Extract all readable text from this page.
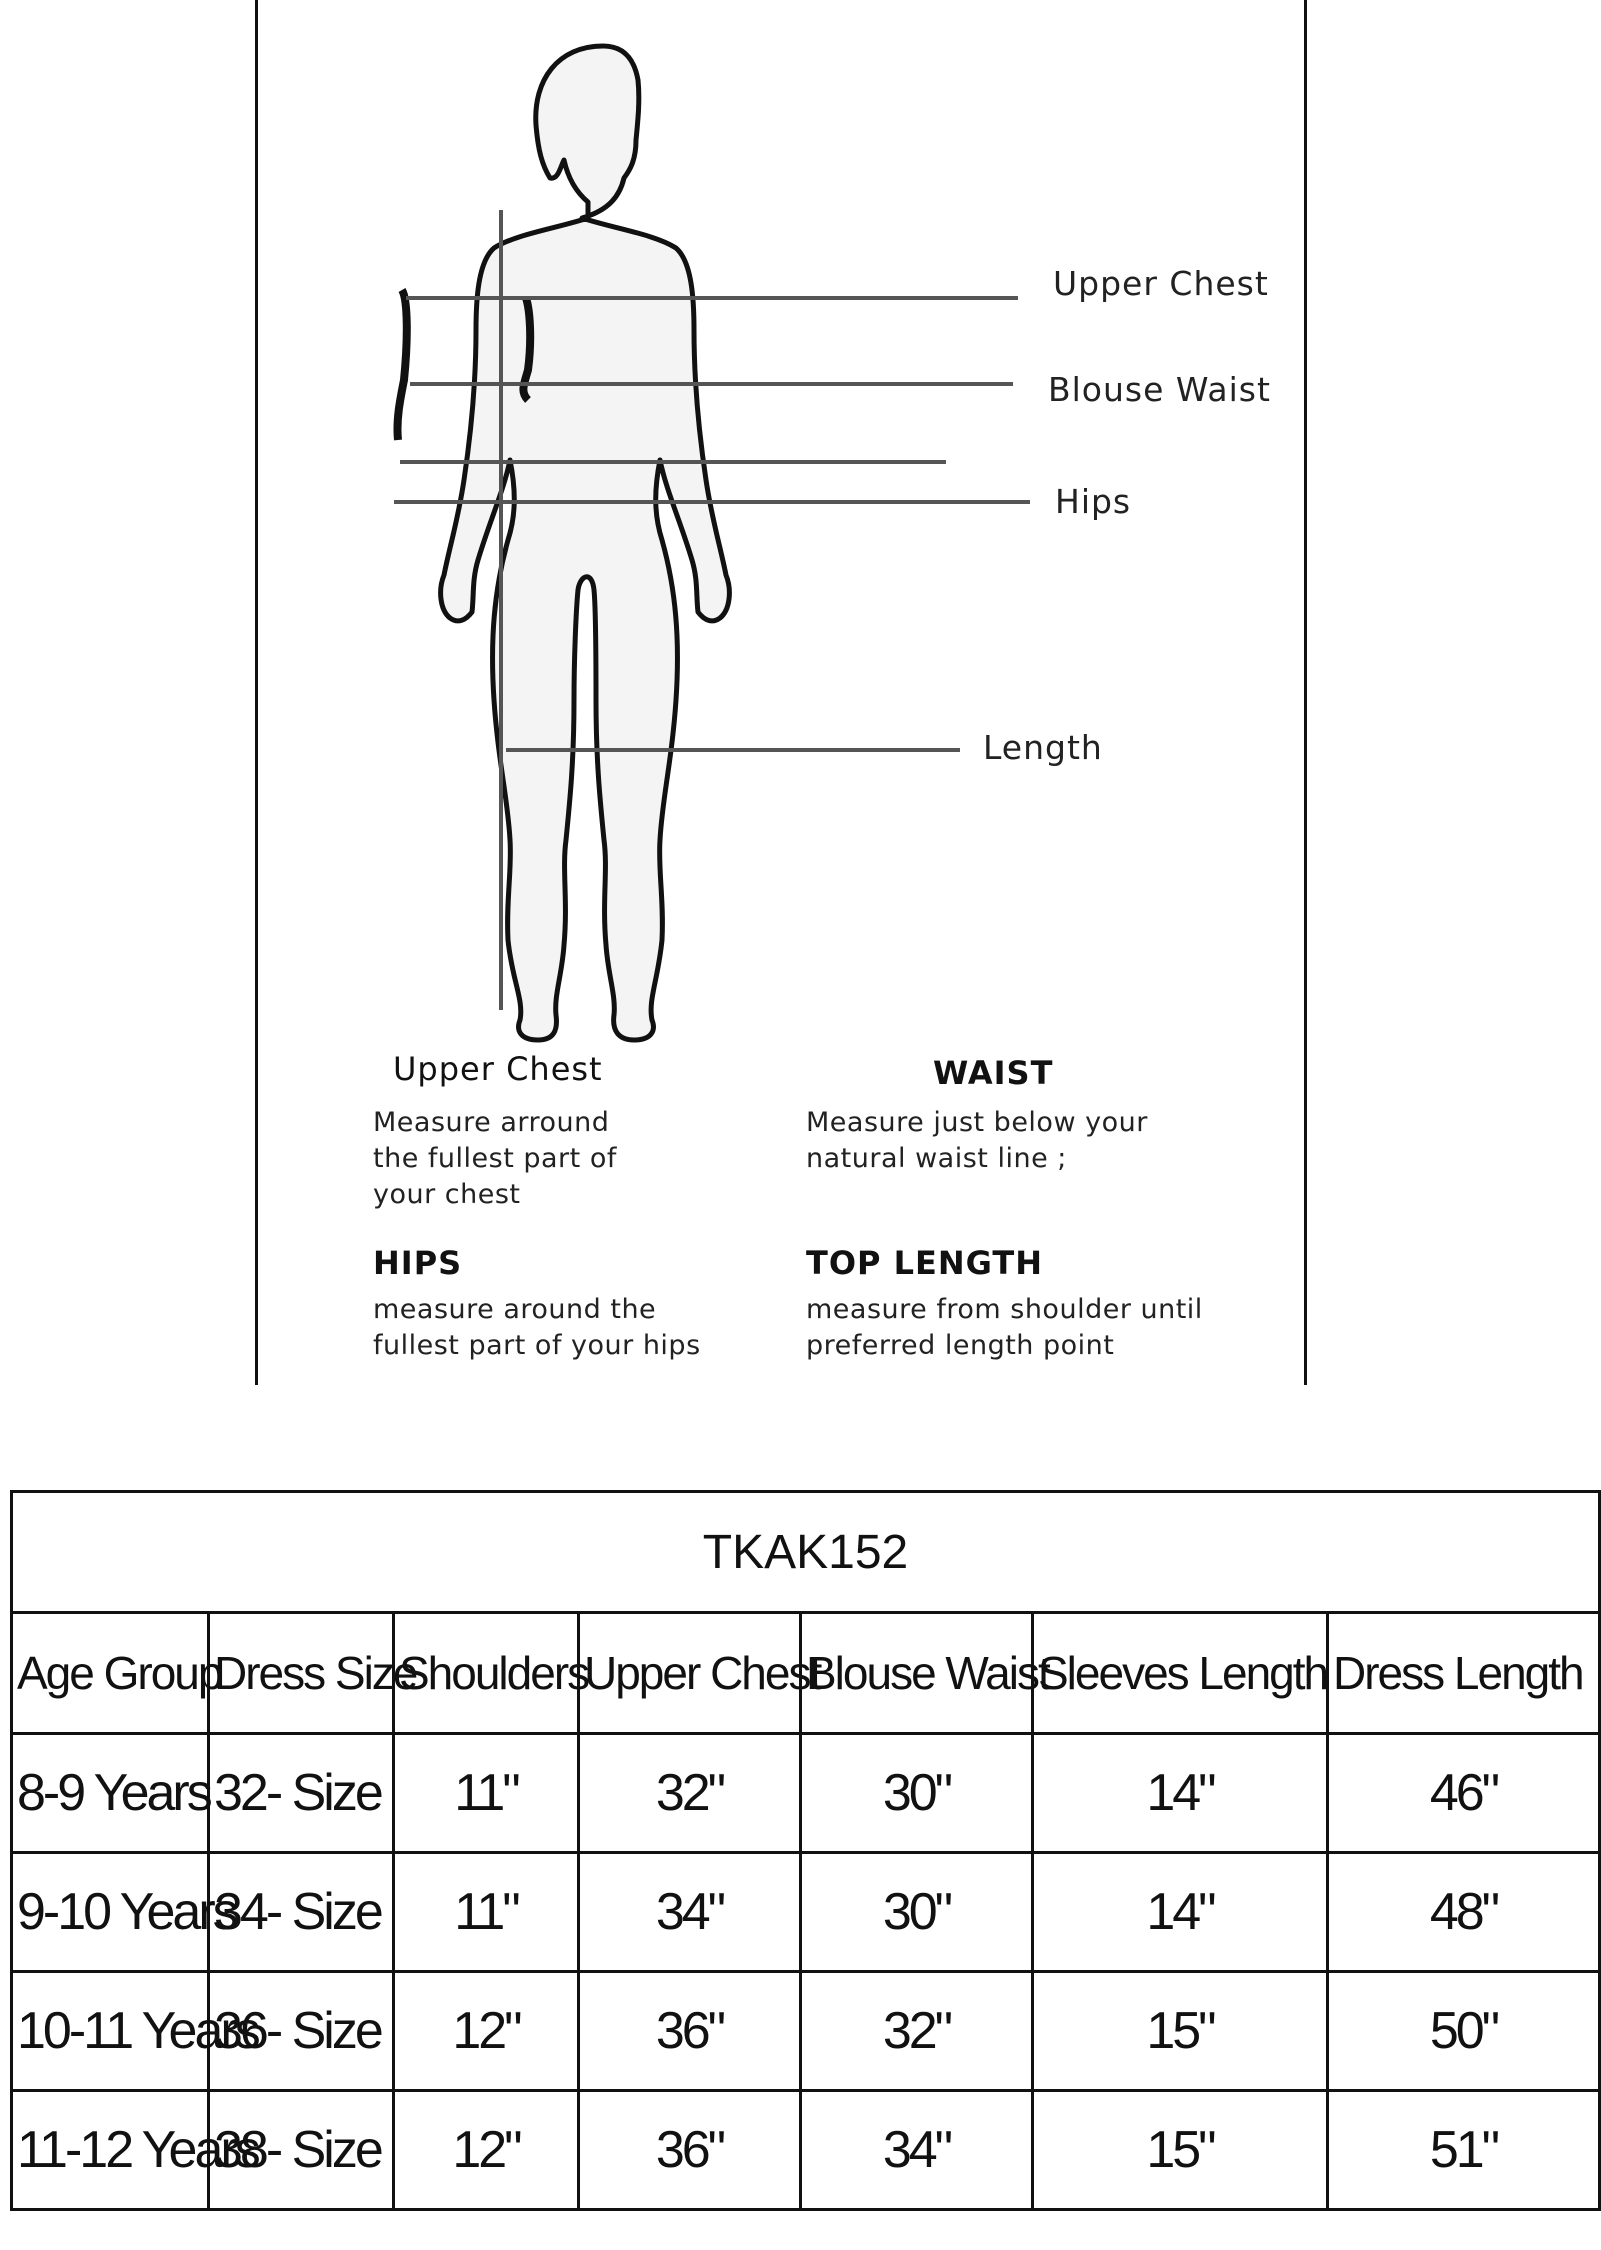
Upper Chest
Blouse Waist
Hips
Length
Upper Chest
Measure arround
the fullest part of
your chest
WAIST
Measure just below your
natural waist line ;
HIPS
measure around the
fullest part of your hips
TOP LENGTH
measure from shoulder until
preferred length point
TKAK152						
Age Group	Dress Size	Shoulders	Upper Chest	Blouse Waist	Sleeves Length	Dress Length
8-9 Years	32- Size	11"	32"	30"	14"	46"
9-10 Years	34- Size	11"	34"	30"	14"	48"
10-11 Years	36- Size	12"	36"	32"	15"	50"
11-12 Years	38- Size	12"	36"	34"	15"	51"
